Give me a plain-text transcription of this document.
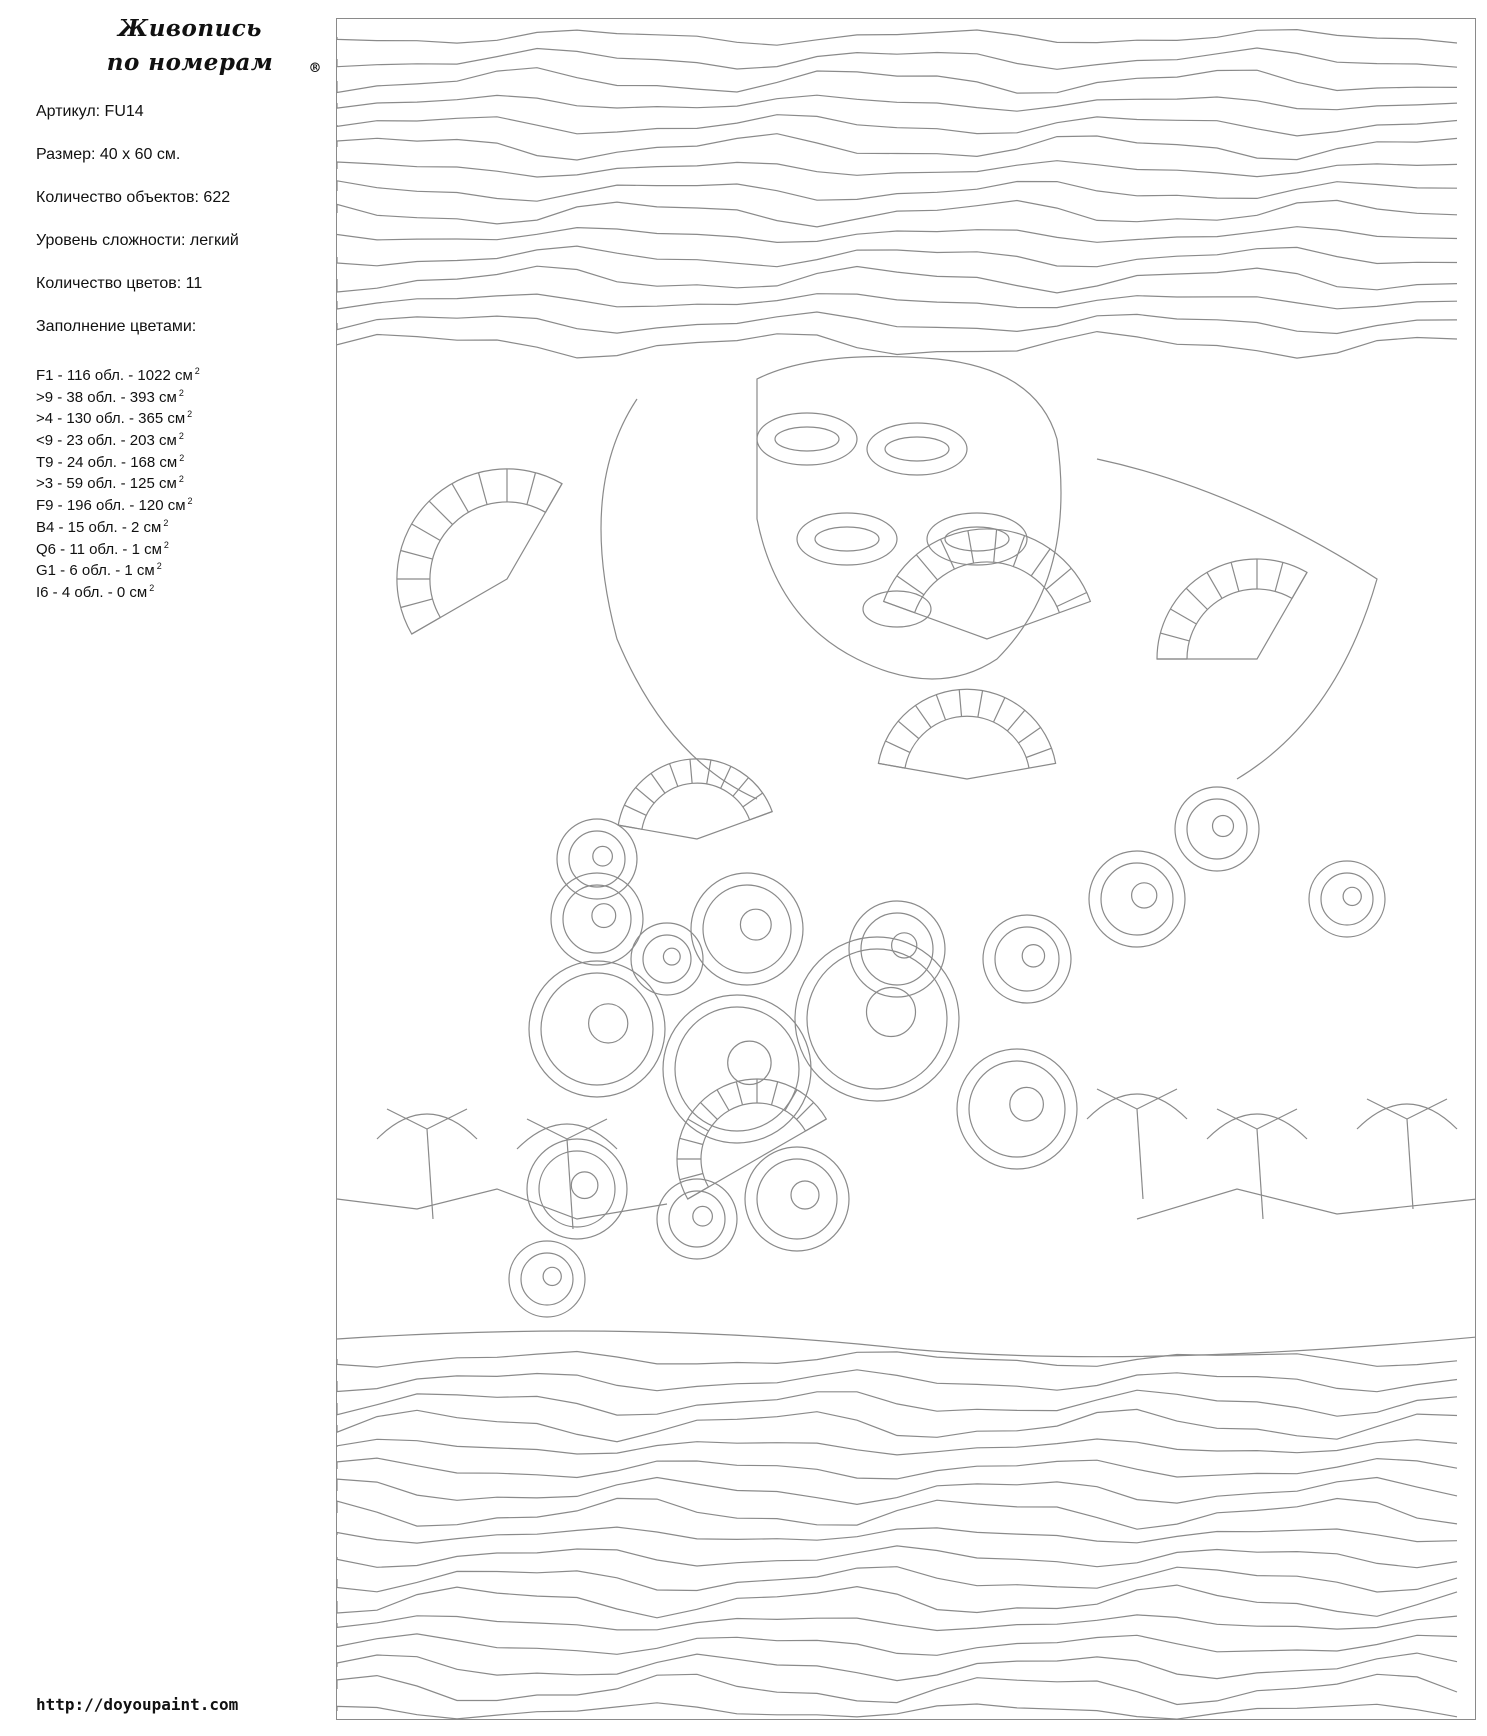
Живопись
по номерам	®
Артикул: FU14
Размер: 40 х 60 см.
Количество объектов: 622
Уровень сложности: легкий
Количество цветов: 11
Заполнение цветами:
F1 - 116 обл. - 1022 см $^2$
>9 - 38 обл. - 393 см $^2$
>4 - 130 обл. - 365 см $^2$
<9 - 23 обл. - 203 см $^2$
T9 - 24 обл. - 168 см $^2$
>3 - 59 обл. - 125 см $^2$
F9 - 196 обл. - 120 см $^2$
B4 - 15 обл. - 2 см $^2$
Q6 - 11 обл. - 1 см $^2$
G1 - 6 обл. - 1 см $^2$
I6 - 4 обл. - 0 см $^2$
http://doyoupaint.com
